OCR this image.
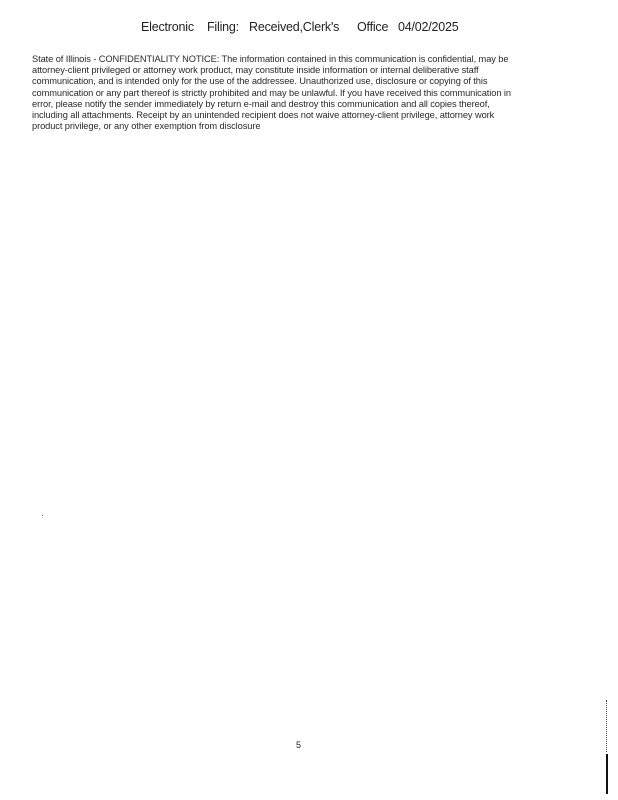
Electronic Filing: Received,Clerk's Office 04/02/2025
State of Illinois - CONFIDENTIALITY NOTICE: The information contained in this communication is confidential, may be
attorney-client privileged or attorney work product, may constitute inside information or internal deliberative staff
communication, and is intended only for the use of the addressee. Unauthorized use, disclosure or copying of this
communication or any part thereof is strictly prohibited and may be unlawful. If you have received this communication in
error, please notify the sender immediately by return e-mail and destroy this communication and all copies thereof,
including all attachments. Receipt by an unintended recipient does not waive attorney-client privilege, attorney work
product privilege, or any other exemption from disclosure
5
